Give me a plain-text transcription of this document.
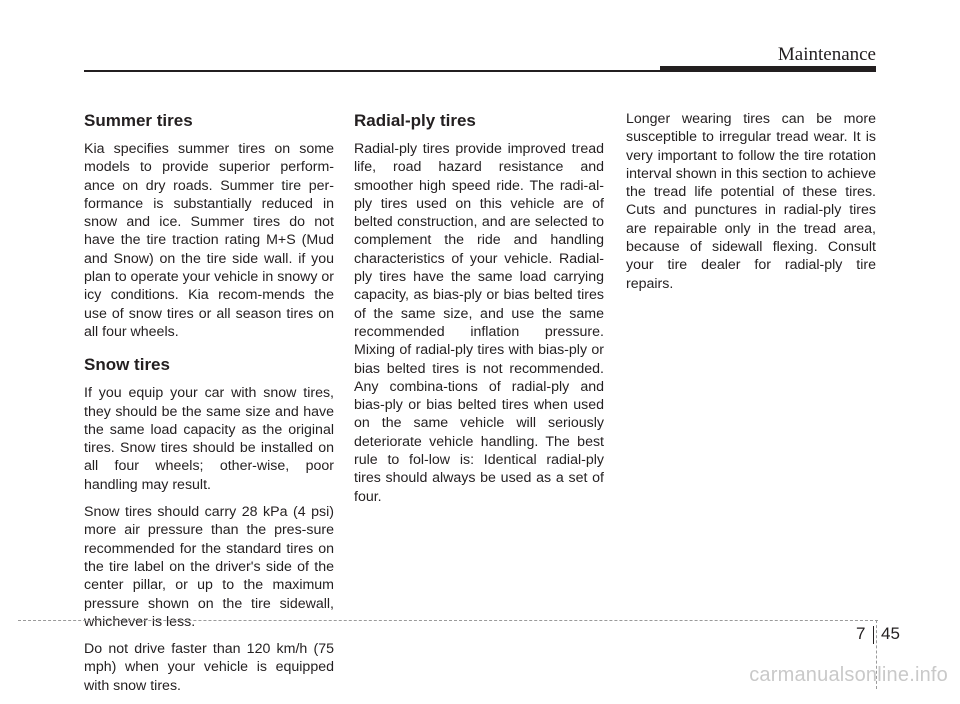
Maintenance
Summer tires

Kia specifies summer tires on some models to provide superior perform-ance on dry roads. Summer tire per-formance is substantially reduced in snow and ice. Summer tires do not have the tire traction rating M+S (Mud and Snow) on the tire side wall. if you plan to operate your vehicle in snowy or icy conditions. Kia recom-mends the use of snow tires or all season tires on all four wheels.

Snow tires

If you equip your car with snow tires, they should be the same size and have the same load capacity as the original tires. Snow tires should be installed on all four wheels; other-wise, poor handling may result.

Snow tires should carry 28 kPa (4 psi) more air pressure than the pres-sure recommended for the standard tires on the tire label on the driver's side of the center pillar, or up to the maximum pressure shown on the tire sidewall, whichever is less.

Do not drive faster than 120 km/h (75 mph) when your vehicle is equipped with snow tires.

Radial-ply tires

Radial-ply tires provide improved tread life, road hazard resistance and smoother high speed ride. The radi-al-ply tires used on this vehicle are of belted construction, and are selected to complement the ride and handling characteristics of your vehicle. Radial-ply tires have the same load carrying capacity, as bias-ply or bias belted tires of the same size, and use the same recommended inflation pressure. Mixing of radial-ply tires with bias-ply or bias belted tires is not recommended. Any combina-tions of radial-ply and bias-ply or bias belted tires when used on the same vehicle will seriously deteriorate vehicle handling. The best rule to fol-low is: Identical radial-ply tires should always be used as a set of four.

Longer wearing tires can be more susceptible to irregular tread wear. It is very important to follow the tire rotation interval shown in this section to achieve the tread life potential of these tires. Cuts and punctures in radial-ply tires are repairable only in the tread area, because of sidewall flexing. Consult your tire dealer for radial-ply tire repairs.

7 45
carmanualsonline.info
